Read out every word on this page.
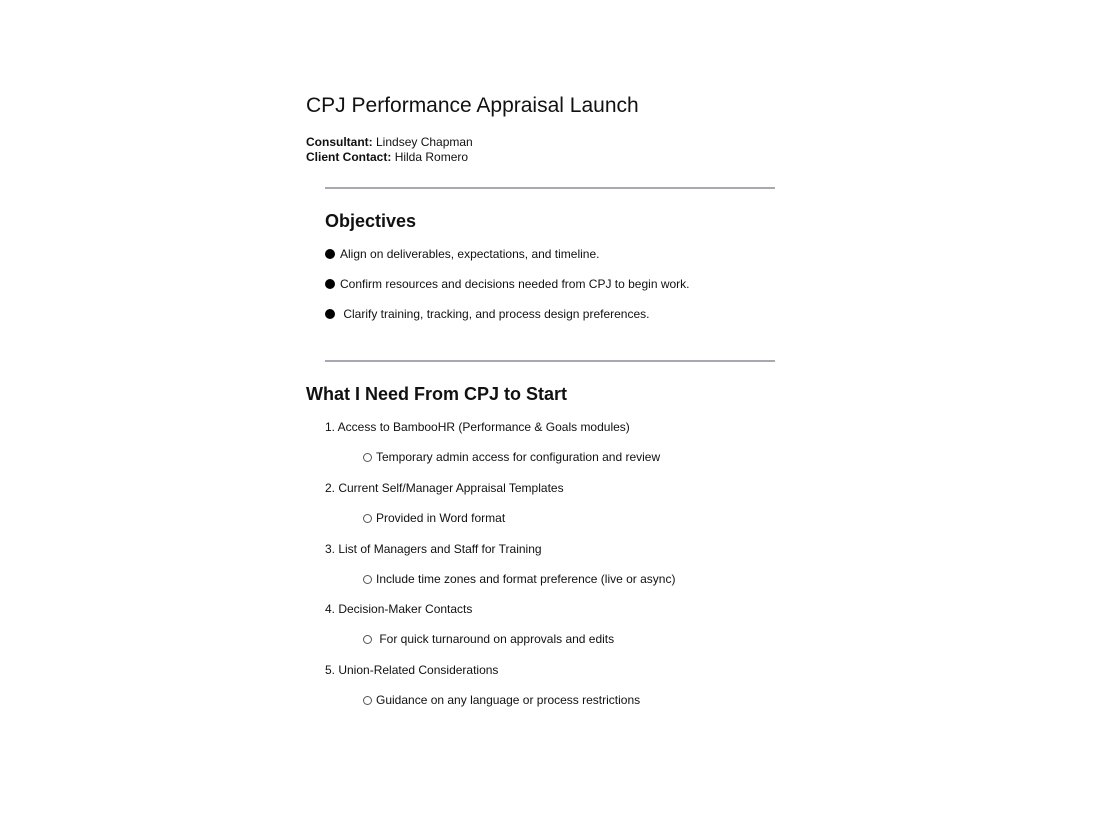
CPJ Performance Appraisal Launch
Consultant: Lindsey Chapman
Client Contact: Hilda Romero
Objectives
Align on deliverables, expectations, and timeline.
Confirm resources and decisions needed from CPJ to begin work.
Clarify training, tracking, and process design preferences.
What I Need From CPJ to Start
1. Access to BambooHR (Performance & Goals modules)
Temporary admin access for configuration and review
2. Current Self/Manager Appraisal Templates
Provided in Word format
3. List of Managers and Staff for Training
Include time zones and format preference (live or async)
4. Decision-Maker Contacts
For quick turnaround on approvals and edits
5. Union-Related Considerations
Guidance on any language or process restrictions
